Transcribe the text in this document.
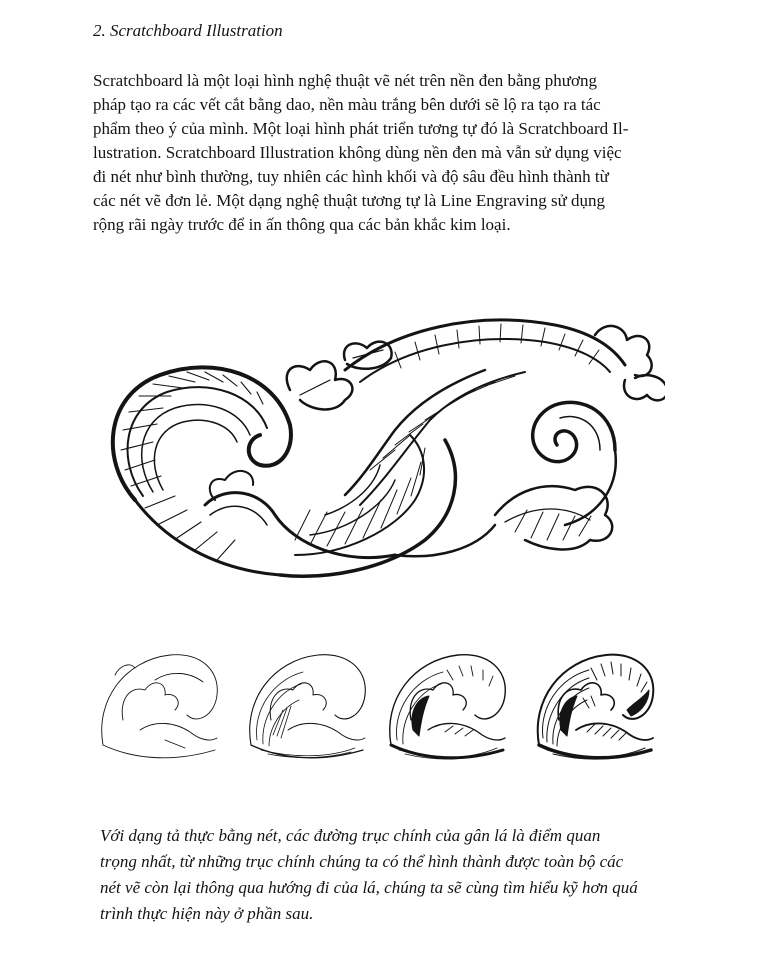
2. Scratchboard Illustration

Scratchboard là một loại hình nghệ thuật vẽ nét trên nền đen bằng phương
pháp tạo ra các vết cắt bằng dao, nền màu trắng bên dưới sẽ lộ ra tạo ra tác
phẩm theo ý của mình. Một loại hình phát triển tương tự đó là Scratchboard Il-
lustration. Scratchboard Illustration không dùng nền đen mà vẫn sử dụng việc
đi nét như bình thường, tuy nhiên các hình khối và độ sâu đều hình thành từ
các nét vẽ đơn lẻ. Một dạng nghệ thuật tương tự là Line Engraving sử dụng
rộng rãi ngày trước để in ấn thông qua các bản khắc kim loại.

Với dạng tả thực bằng nét, các đường trục chính của gân lá là điểm quan
trọng nhất, từ những trục chính chúng ta có thể hình thành được toàn bộ các
nét vẽ còn lại thông qua hướng đi của lá, chúng ta sẽ cùng tìm hiểu kỹ hơn quá
trình thực hiện này ở phần sau.
